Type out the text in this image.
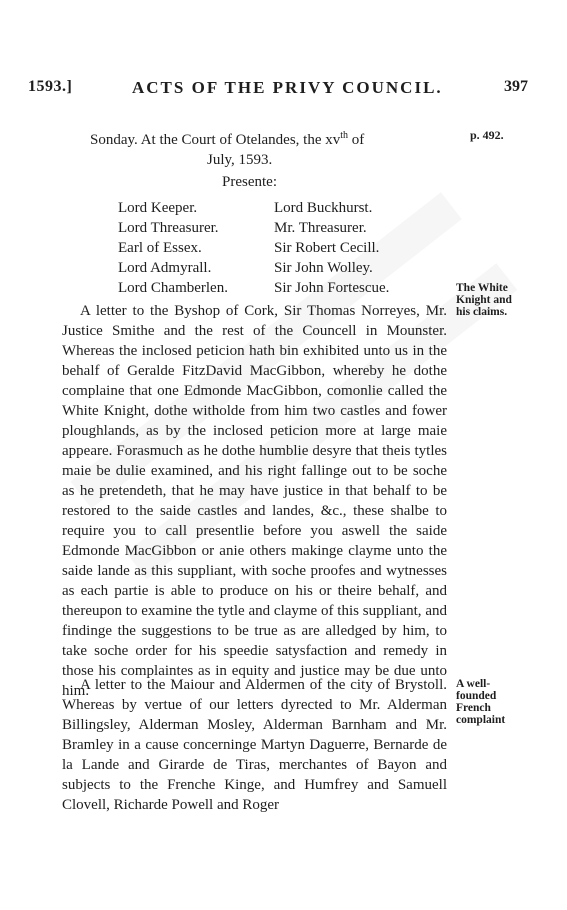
1593.]	ACTS OF THE PRIVY COUNCIL.	397
Sonday. At the Court of Otelandes, the $xv^{th}$ of
July, 1593.
p. 492.
Presente:
Lord Keeper.	Lord Buckhurst.
Lord Threasurer.	Mr. Threasurer.
Earl of Essex.	Sir Robert Cecill.
Lord Admyrall.	Sir John Wolley.
Lord Chamberlen.	Sir John Fortescue.

A letter to the Byshop of Cork, Sir Thomas Norreyes, Mr. Justice Smithe and the rest of the Councell in Mounster. Whereas the inclosed peticion hath bin exhibited unto us in the behalf of Geralde FitzDavid MacGibbon, whereby he dothe complaine that one Edmonde MacGibbon, comonlie called the White Knight, dothe witholde from him two castles and fower ploughlands, as by the inclosed peticion more at large maie appeare. Forasmuch as he dothe humblie desyre that theis tytles maie be dulie examined, and his right fallinge out to be soche as he pretendeth, that he may have justice in that behalf to be restored to the saide castles and landes, &c., these shalbe to require you to call presentlie before you aswell the saide Edmonde MacGibbon or anie others makinge clayme unto the saide lande as this suppliant, with soche proofes and wytnesses as each partie is able to produce on his or theire behalf, and thereupon to examine the tytle and clayme of this suppliant, and findinge the suggestions to be true as are alledged by him, to take soche order for his speedie satysfaction and remedy in those his complaintes as in equity and justice may be due unto him.

The White Knight and his claims.

A letter to the Maiour and Aldermen of the city of Brystoll. Whereas by vertue of our letters dyrected to Mr. Alderman Billingsley, Alderman Mosley, Alderman Barnham and Mr. Bramley in a cause concerninge Martyn Daguerre, Bernarde de la Lande and Girarde de Tiras, merchantes of Bayon and subjects to the Frenche Kinge, and Humfrey and Samuell Clovell, Richarde Powell and Roger

A well-founded French complaint
